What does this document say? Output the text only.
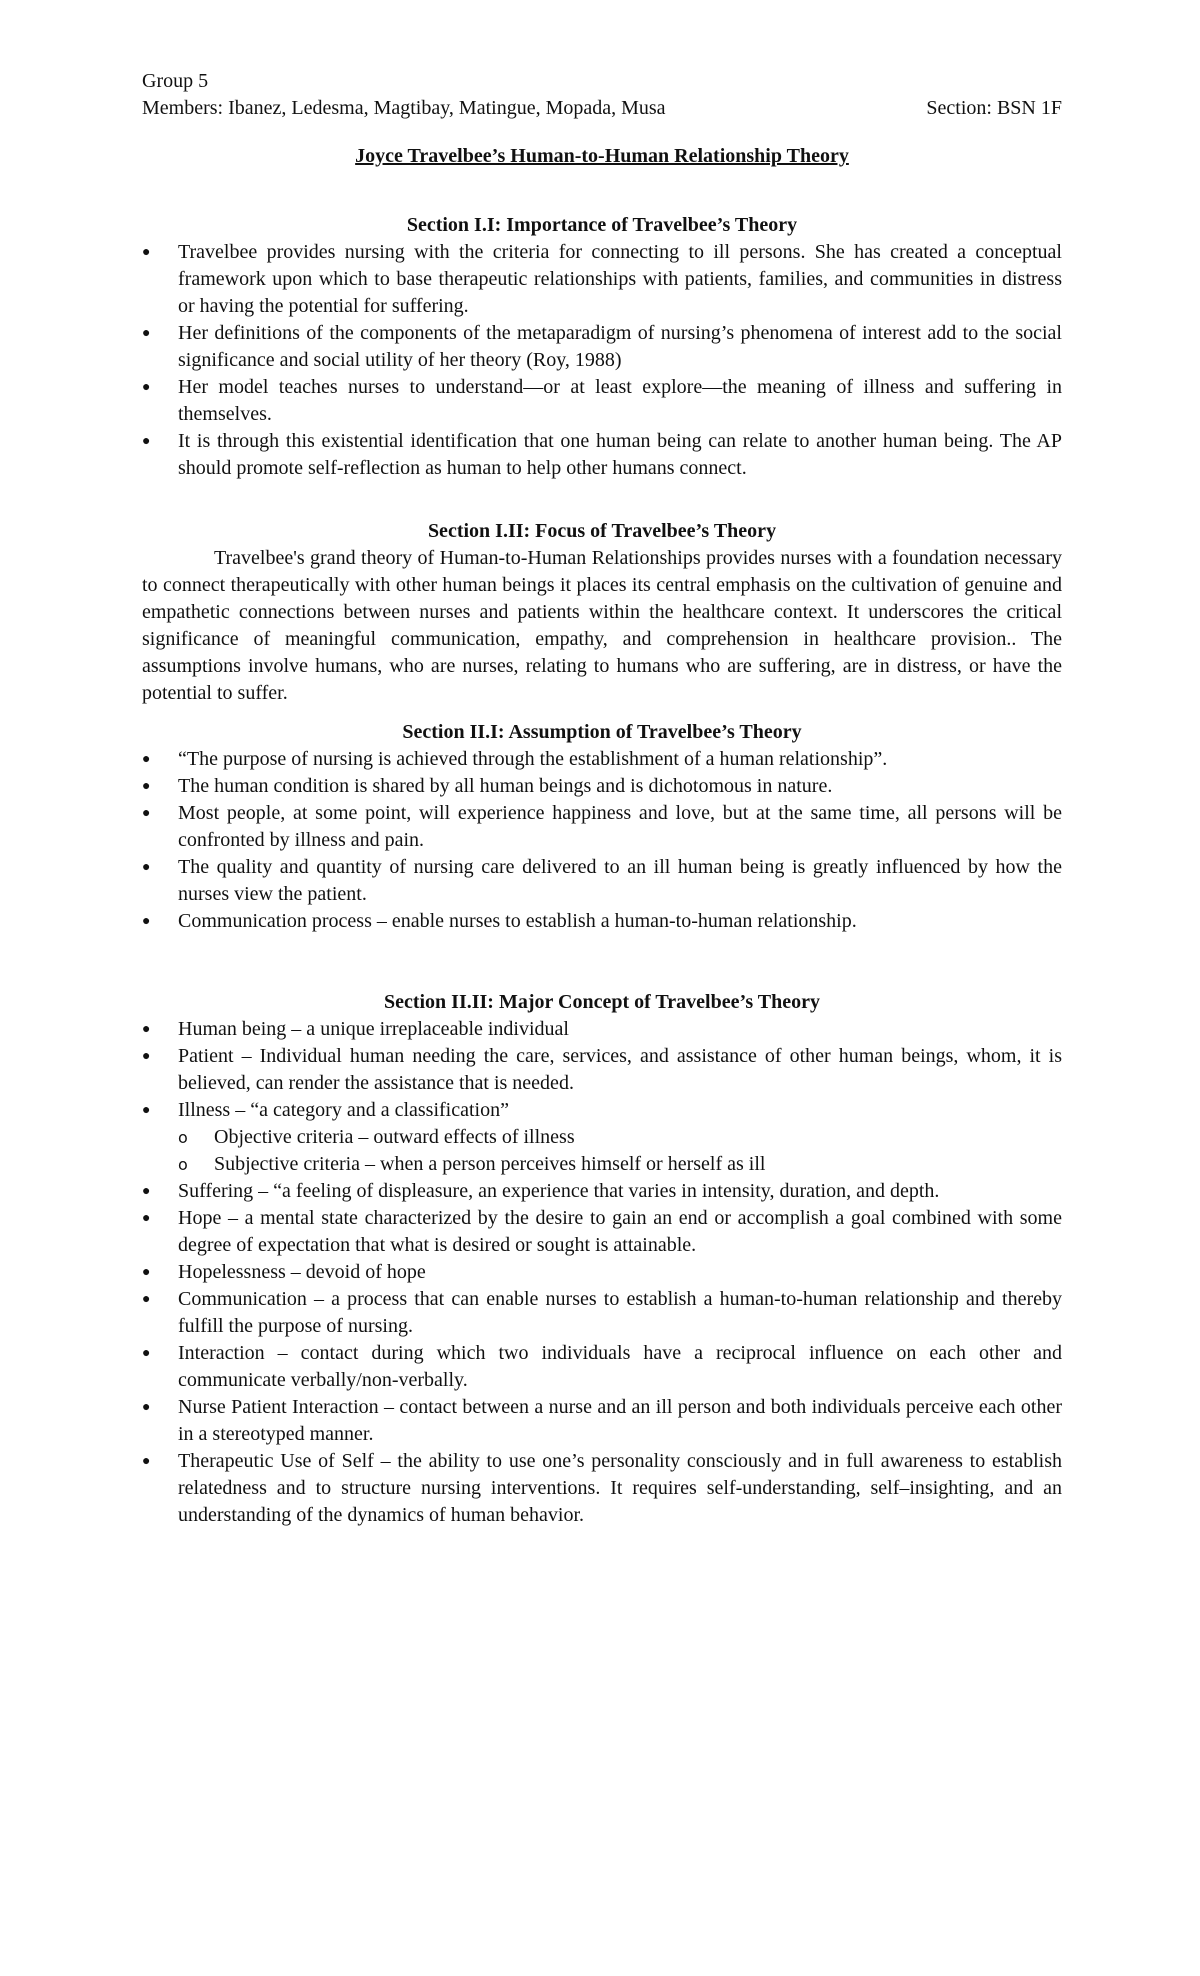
Group 5
Members: Ibanez, Ledesma, Magtibay, Matingue, Mopada, Musa	Section: BSN 1F
Joyce Travelbee’s Human-to-Human Relationship Theory
Section I.I: Importance of Travelbee’s Theory
●	Travelbee provides nursing with the criteria for connecting to ill persons. She has created a conceptual framework upon which to base therapeutic relationships with patients, families, and communities in distress or having the potential for suffering.
●	Her definitions of the components of the metaparadigm of nursing’s phenomena of interest add to the social significance and social utility of her theory (Roy, 1988)
●	Her model teaches nurses to understand—or at least explore—the meaning of illness and suffering in themselves.
●	It is through this existential identification that one human being can relate to another human being. The AP should promote self-reflection as human to help other humans connect.
Section I.II: Focus of Travelbee’s Theory

Travelbee's grand theory of Human-to-Human Relationships provides nurses with a foundation necessary to connect therapeutically with other human beings it places its central emphasis on the cultivation of genuine and empathetic connections between nurses and patients within the healthcare context. It underscores the critical significance of meaningful communication, empathy, and comprehension in healthcare provision.. The assumptions involve humans, who are nurses, relating to humans who are suffering, are in distress, or have the potential to suffer.

Section II.I: Assumption of Travelbee’s Theory
●	“The purpose of nursing is achieved through the establishment of a human relationship”.
●	The human condition is shared by all human beings and is dichotomous in nature.
●	Most people, at some point, will experience happiness and love, but at the same time, all persons will be confronted by illness and pain.
●	The quality and quantity of nursing care delivered to an ill human being is greatly influenced by how the nurses view the patient.
●	Communication process – enable nurses to establish a human-to-human relationship.
Section II.II: Major Concept of Travelbee’s Theory
●	Human being – a unique irreplaceable individual
●	Patient – Individual human needing the care, services, and assistance of other human beings, whom, it is believed, can render the assistance that is needed.
●	Illness – “a category and a classification”
o Objective criteria – outward effects of illness
o Subjective criteria – when a person perceives himself or herself as ill
●	Suffering – “a feeling of displeasure, an experience that varies in intensity, duration, and depth.
●	Hope – a mental state characterized by the desire to gain an end or accomplish a goal combined with some degree of expectation that what is desired or sought is attainable.
●	Hopelessness – devoid of hope
●	Communication – a process that can enable nurses to establish a human-to-human relationship and thereby fulfill the purpose of nursing.
●	Interaction – contact during which two individuals have a reciprocal influence on each other and communicate verbally/non-verbally.
●	Nurse Patient Interaction – contact between a nurse and an ill person and both individuals perceive each other in a stereotyped manner.
●	Therapeutic Use of Self – the ability to use one’s personality consciously and in full awareness to establish relatedness and to structure nursing interventions. It requires self-understanding, self–insighting, and an understanding of the dynamics of human behavior.
